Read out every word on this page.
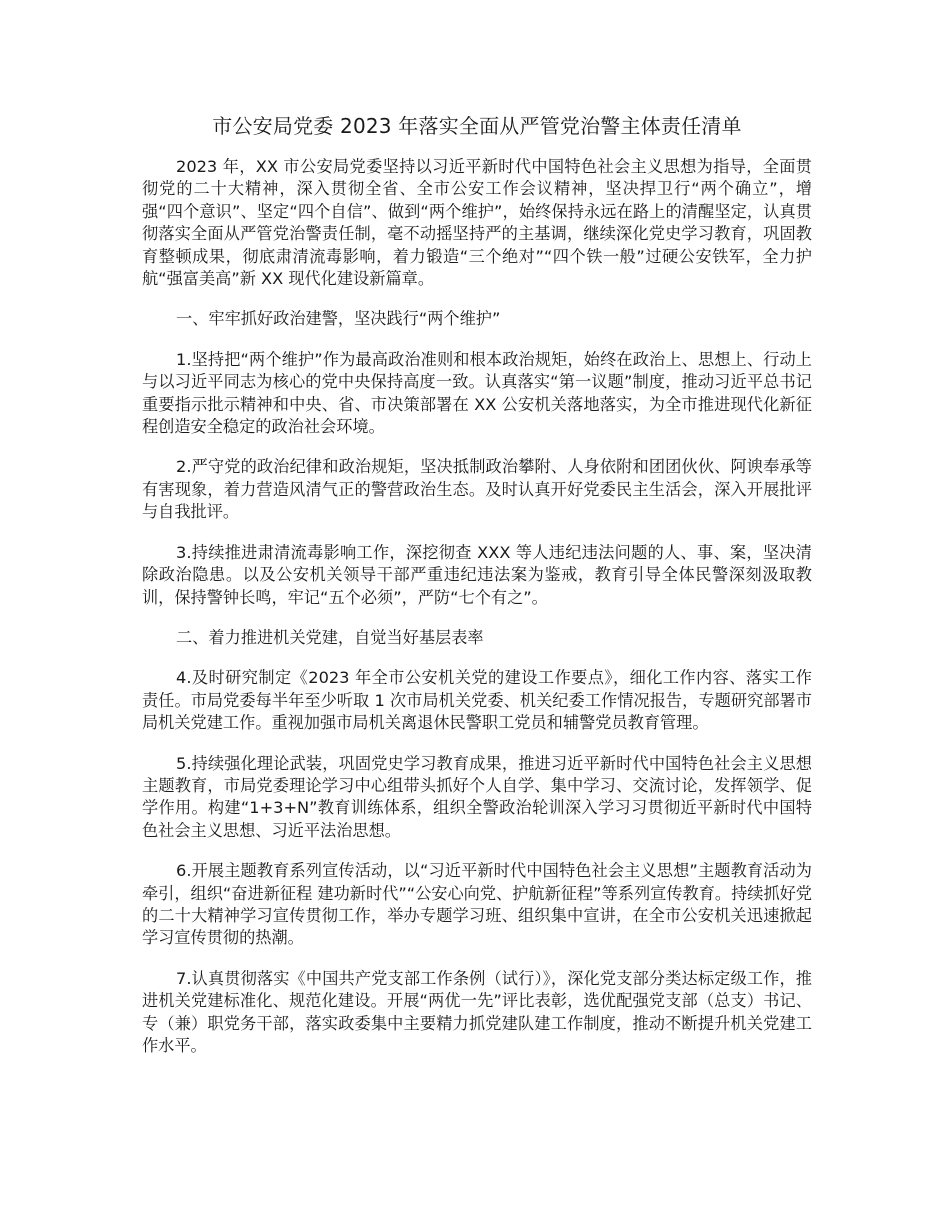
市公安局党委 2023 年落实全面从严管党治警主体责任清单

2023 年，XX 市公安局党委坚持以习近平新时代中国特色社会主义思想为指导，全面贯彻党的二十大精神，深入贯彻全省、全市公安工作会议精神，坚决捍卫行“两个确立”，增强“四个意识”、坚定“四个自信”、做到“两个维护”，始终保持永远在路上的清醒坚定，认真贯彻落实全面从严管党治警责任制，毫不动摇坚持严的主基调，继续深化党史学习教育，巩固教育整顿成果，彻底肃清流毒影响，着力锻造“三个绝对”“四个铁一般”过硬公安铁军，全力护航“强富美高”新 XX 现代化建设新篇章。

一、牢牢抓好政治建警，坚决践行“两个维护”

1.坚持把“两个维护”作为最高政治准则和根本政治规矩，始终在政治上、思想上、行动上与以习近平同志为核心的党中央保持高度一致。认真落实“第一议题”制度，推动习近平总书记重要指示批示精神和中央、省、市决策部署在 XX 公安机关落地落实，为全市推进现代化新征程创造安全稳定的政治社会环境。

2.严守党的政治纪律和政治规矩，坚决抵制政治攀附、人身依附和团团伙伙、阿谀奉承等有害现象，着力营造风清气正的警营政治生态。及时认真开好党委民主生活会，深入开展批评与自我批评。

3.持续推进肃清流毒影响工作，深挖彻查 XXX 等人违纪违法问题的人、事、案，坚决清除政治隐患。以及公安机关领导干部严重违纪违法案为鉴戒，教育引导全体民警深刻汲取教训，保持警钟长鸣，牢记“五个必须”，严防“七个有之”。

二、着力推进机关党建，自觉当好基层表率

4.及时研究制定《2023 年全市公安机关党的建设工作要点》，细化工作内容、落实工作责任。市局党委每半年至少听取 1 次市局机关党委、机关纪委工作情况报告，专题研究部署市局机关党建工作。重视加强市局机关离退休民警职工党员和辅警党员教育管理。

5.持续强化理论武装，巩固党史学习教育成果，推进习近平新时代中国特色社会主义思想主题教育，市局党委理论学习中心组带头抓好个人自学、集中学习、交流讨论，发挥领学、促学作用。构建“1+3+N”教育训练体系，组织全警政治轮训深入学习习贯彻近平新时代中国特色社会主义思想、习近平法治思想。

6.开展主题教育系列宣传活动，以“习近平新时代中国特色社会主义思想”主题教育活动为牵引，组织“奋进新征程 建功新时代”“公安心向党、护航新征程”等系列宣传教育。持续抓好党的二十大精神学习宣传贯彻工作，举办专题学习班、组织集中宣讲，在全市公安机关迅速掀起学习宣传贯彻的热潮。

7.认真贯彻落实《中国共产党支部工作条例（试行）》，深化党支部分类达标定级工作，推进机关党建标准化、规范化建设。开展“两优一先”评比表彰，选优配强党支部（总支）书记、专（兼）职党务干部，落实政委集中主要精力抓党建队建工作制度，推动不断提升机关党建工作水平。
